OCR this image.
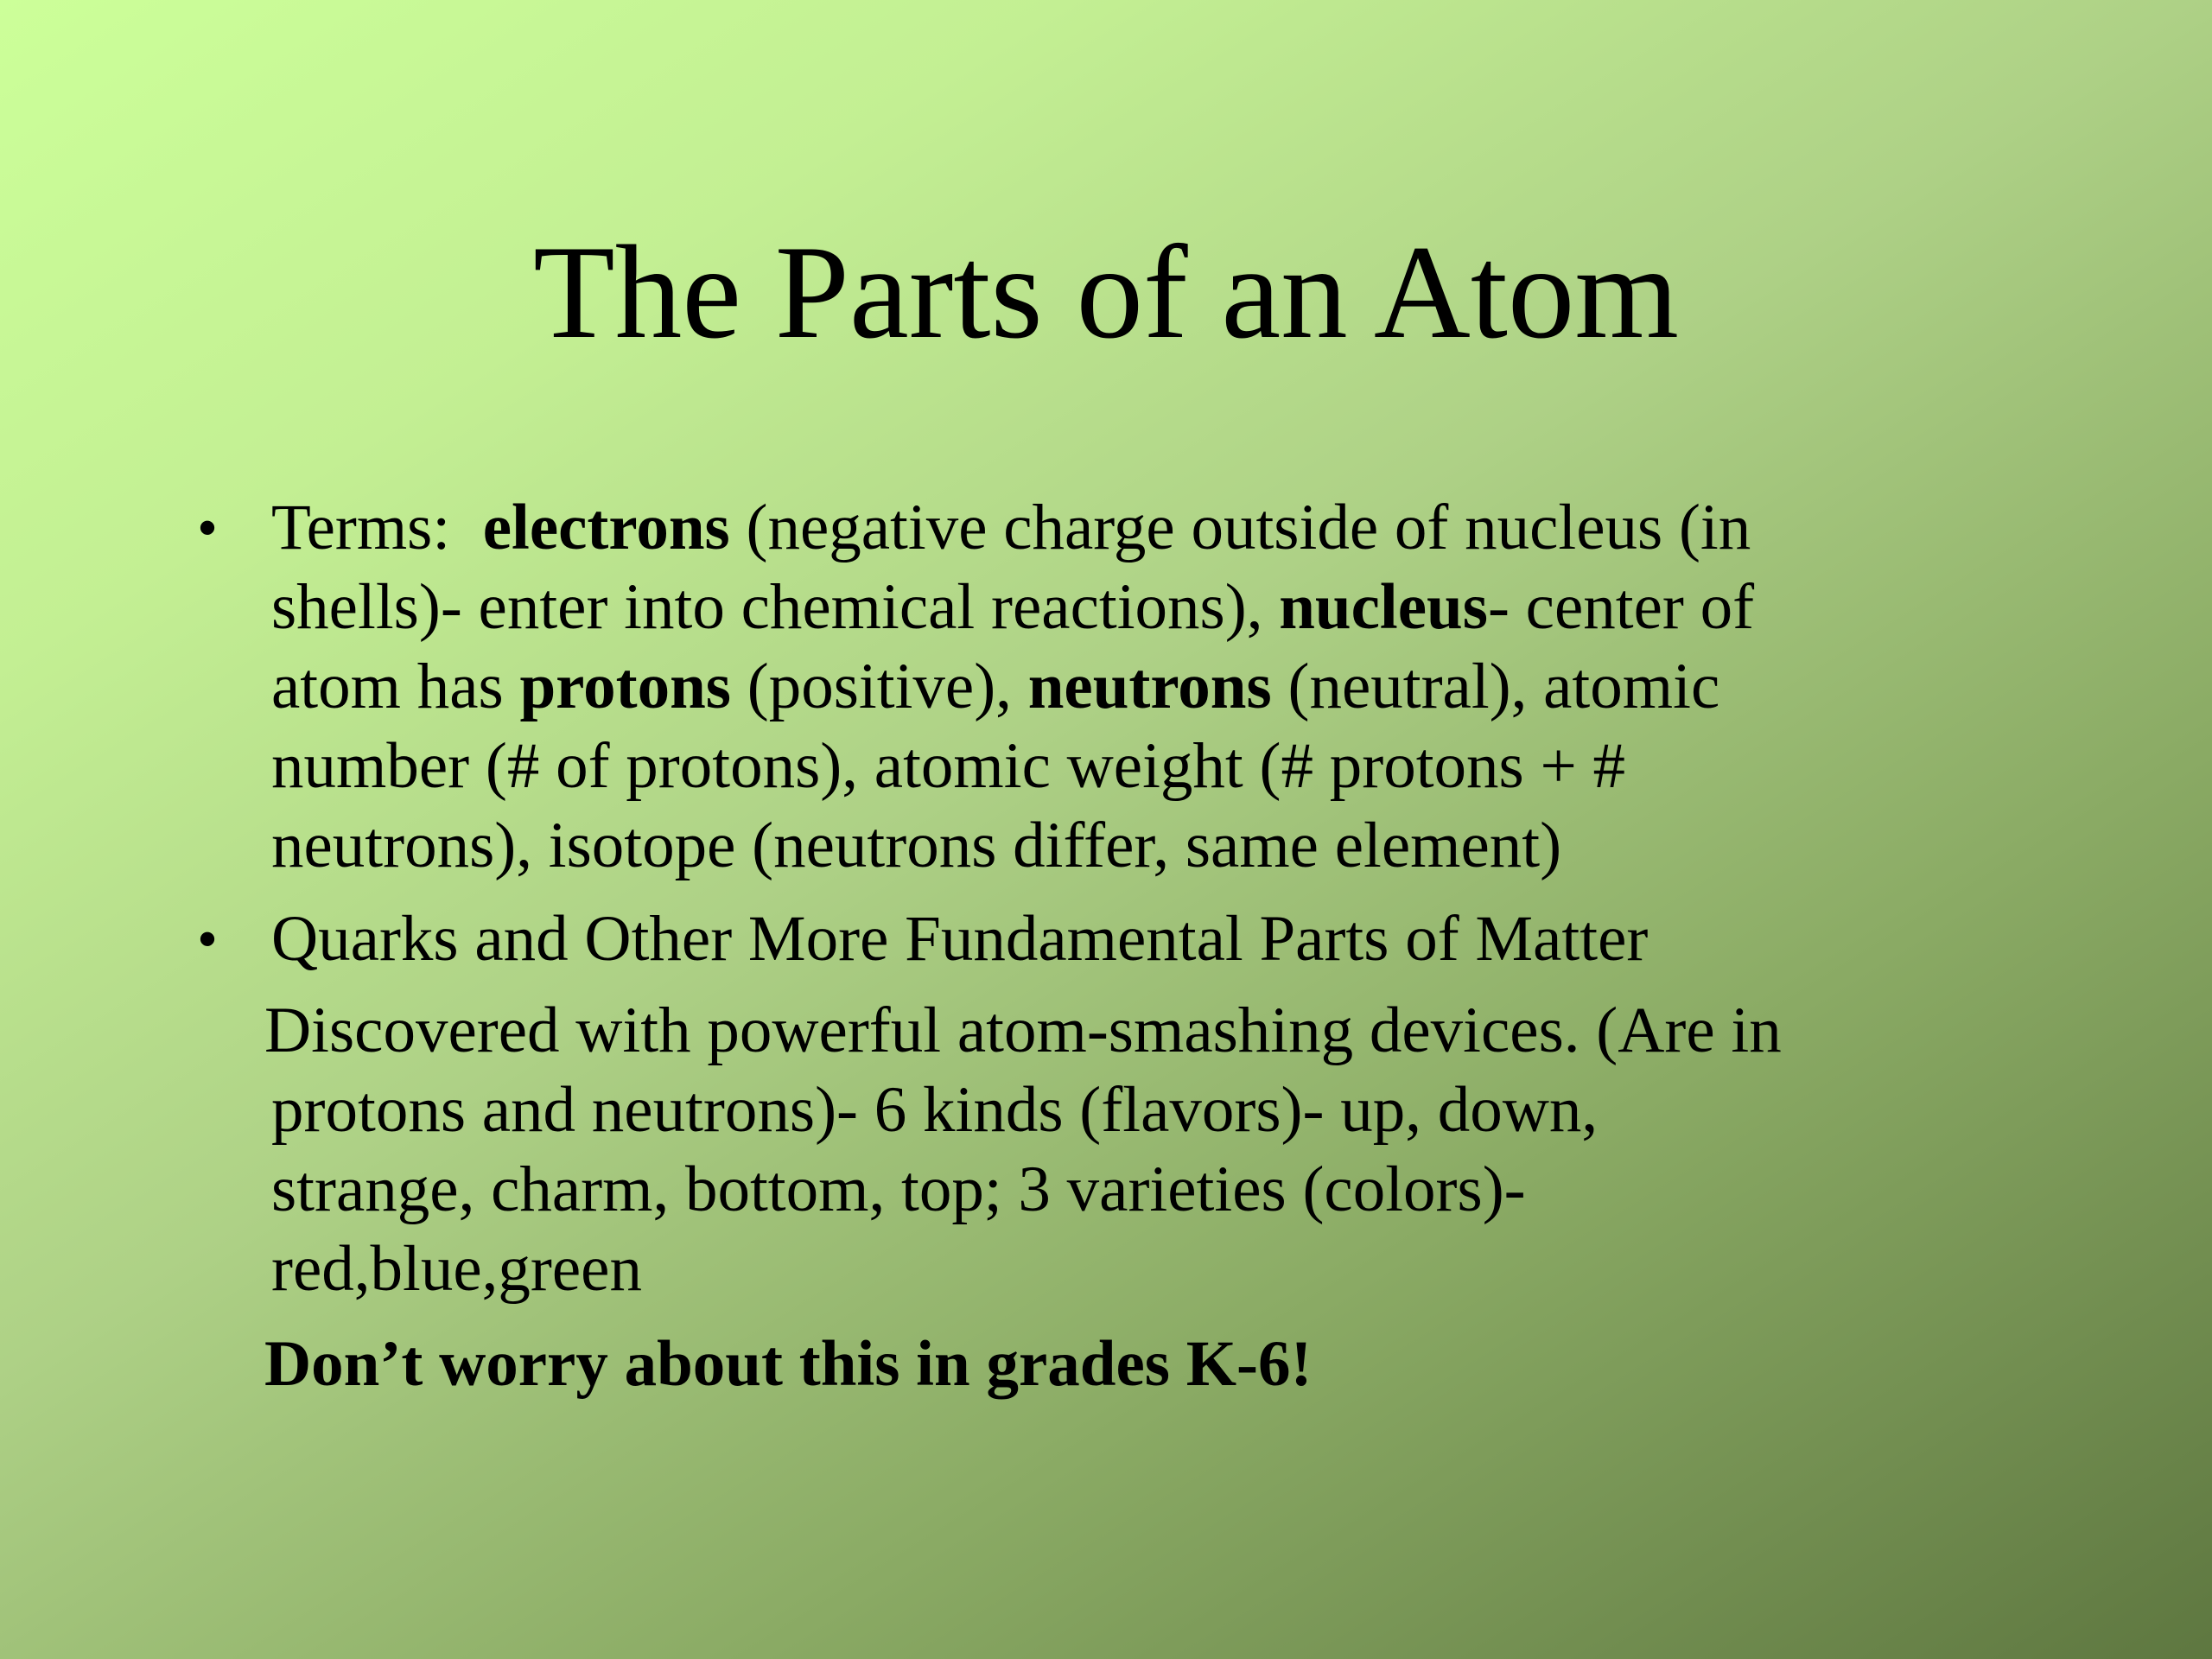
The Parts of an Atom
• Terms:  electrons (negative charge outside of nucleus (in
shells)- enter into chemical reactions), nucleus- center of
atom has protons (positive), neutrons (neutral), atomic
number (# of protons), atomic weight (# protons + #
neutrons), isotope (neutrons differ, same element)
• Quarks and Other More Fundamental Parts of Matter
Discovered with powerful atom-smashing devices. (Are in
protons and neutrons)- 6 kinds (flavors)- up, down,
strange, charm, bottom, top; 3 varieties (colors)-
red,blue,green
Don’t worry about this in grades K-6!
